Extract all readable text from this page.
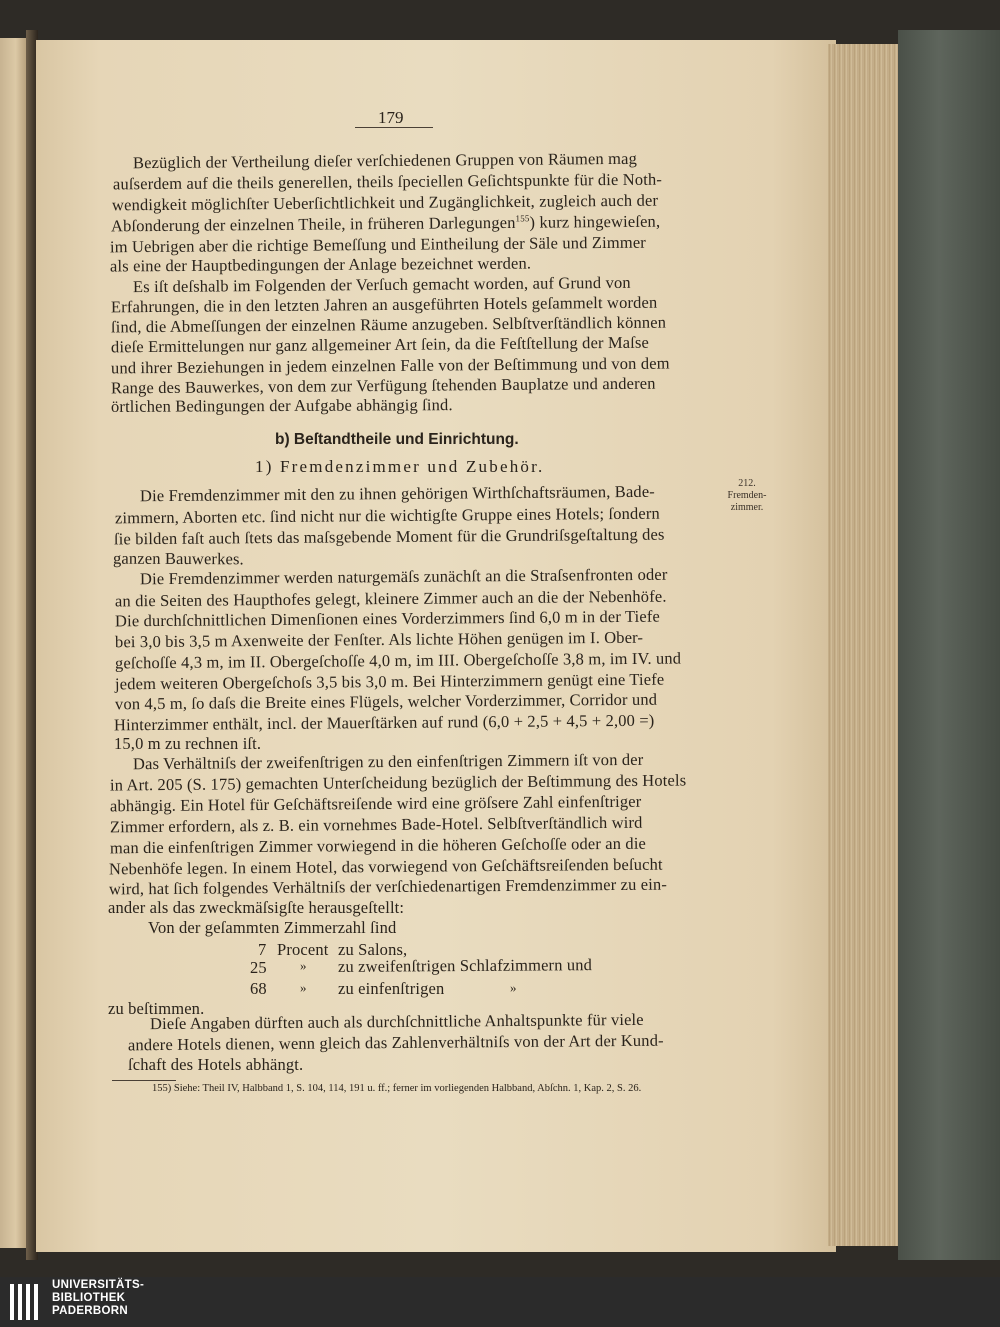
179
Bezüglich der Vertheilung dieſer verſchiedenen Gruppen von Räumen mag
auſserdem auf die theils generellen, theils ſpeciellen Geſichtspunkte für die Noth-
wendigkeit möglichſter Ueberſichtlichkeit und Zugänglichkeit, zugleich auch der
Abſonderung der einzelnen Theile, in früheren Darlegungen$^{155}$) kurz hingewieſen,
im Uebrigen aber die richtige Bemeſſung und Eintheilung der Säle und Zimmer
als eine der Hauptbedingungen der Anlage bezeichnet werden.
Es iſt deſshalb im Folgenden der Verſuch gemacht worden, auf Grund von
Erfahrungen, die in den letzten Jahren an ausgeführten Hotels geſammelt worden
ſind, die Abmeſſungen der einzelnen Räume anzugeben. Selbſtverſtändlich können
dieſe Ermittelungen nur ganz allgemeiner Art ſein, da die Feſtſtellung der Maſse
und ihrer Beziehungen in jedem einzelnen Falle von der Beſtimmung und von dem
Range des Bauwerkes, von dem zur Verfügung ſtehenden Bauplatze und anderen
örtlichen Bedingungen der Aufgabe abhängig ſind.
b) Beſtandtheile und Einrichtung.
1) Fremdenzimmer und Zubehör.
212.
Fremden-
zimmer.
Die Fremdenzimmer mit den zu ihnen gehörigen Wirthſchaftsräumen, Bade-
zimmern, Aborten etc. ſind nicht nur die wichtigſte Gruppe eines Hotels; ſondern
ſie bilden faſt auch ſtets das maſsgebende Moment für die Grundriſsgeſtaltung des
ganzen Bauwerkes.
Die Fremdenzimmer werden naturgemäſs zunächſt an die Straſsenfronten oder
an die Seiten des Haupthofes gelegt, kleinere Zimmer auch an die der Nebenhöfe.
Die durchſchnittlichen Dimenſionen eines Vorderzimmers ſind 6,0 m in der Tiefe
bei 3,0 bis 3,5 m Axenweite der Fenſter. Als lichte Höhen genügen im I. Ober-
geſchoſſe 4,3 m, im II. Obergeſchoſſe 4,0 m, im III. Obergeſchoſſe 3,8 m, im IV. und
jedem weiteren Obergeſchoſs 3,5 bis 3,0 m. Bei Hinterzimmern genügt eine Tiefe
von 4,5 m, ſo daſs die Breite eines Flügels, welcher Vorderzimmer, Corridor und
Hinterzimmer enthält, incl. der Mauerſtärken auf rund (6,0 + 2,5 + 4,5 + 2,00 =)
15,0 m zu rechnen iſt.
Das Verhältniſs der zweifenſtrigen zu den einfenſtrigen Zimmern iſt von der
in Art. 205 (S. 175) gemachten Unterſcheidung bezüglich der Beſtimmung des Hotels
abhängig. Ein Hotel für Geſchäftsreiſende wird eine gröſsere Zahl einfenſtriger
Zimmer erfordern, als z. B. ein vornehmes Bade-Hotel. Selbſtverſtändlich wird
man die einfenſtrigen Zimmer vorwiegend in die höheren Geſchoſſe oder an die
Nebenhöfe legen. In einem Hotel, das vorwiegend von Geſchäftsreiſenden beſucht
wird, hat ſich folgendes Verhältniſs der verſchiedenartigen Fremdenzimmer zu ein-
ander als das zweckmäſsigſte herausgeſtellt:
Von der geſammten Zimmerzahl ſind
7 Procent zu Salons,
25	» zu zweifenſtrigen Schlafzimmern und
68	» zu einfenſtrigen	»
zu beſtimmen.
Dieſe Angaben dürften auch als durchſchnittliche Anhaltspunkte für viele
andere Hotels dienen, wenn gleich das Zahlenverhältniſs von der Art der Kund-
ſchaft des Hotels abhängt.
155) Siehe: Theil IV, Halbband 1, S. 104, 114, 191 u. ff.; ferner im vorliegenden Halbband, Abſchn. 1, Kap. 2, S. 26.
UNIVERSITÄTS-
BIBLIOTHEK
PADERBORN
